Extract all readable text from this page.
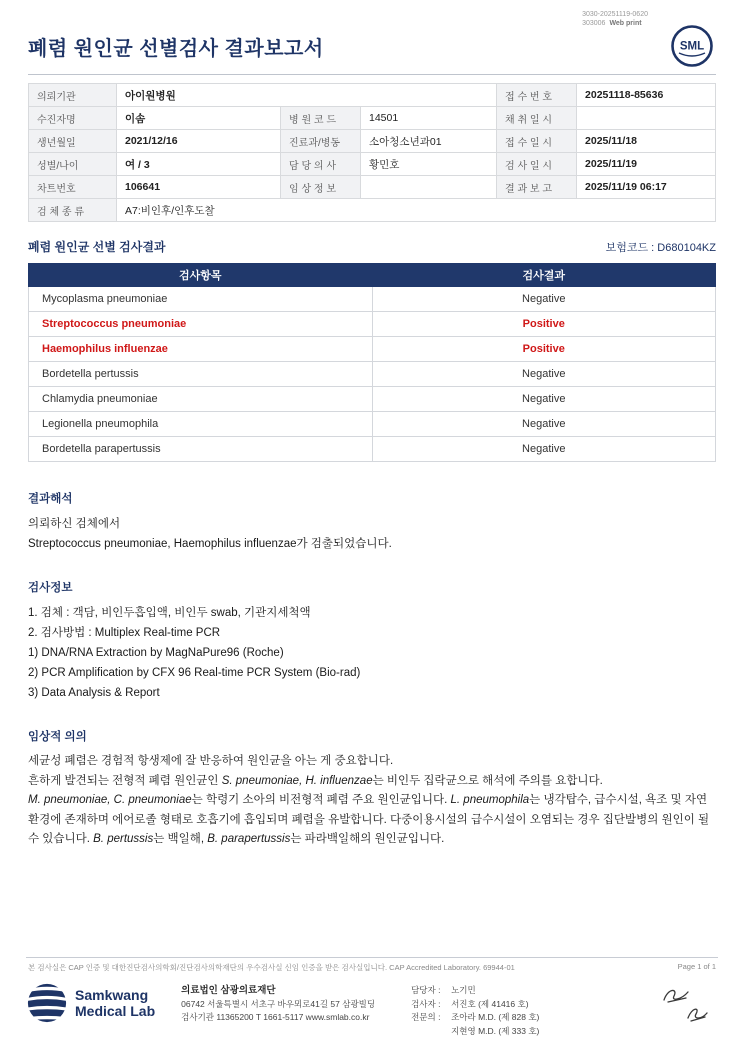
3030-20251119-0620
303006 Web print
SML
폐렴 원인균 선별검사 결과보고서
의뢰기관	아이원병원			접 수 번 호	20251118-85636
수진자명	이솜	병 원 코 드	14501	채 취 일 시	
생년월일	2021/12/16	진료과/병동	소아청소년과01	접 수 일 시	2025/11/18
성별/나이	여 / 3	담 당 의 사	황민호	검 사 일 시	2025/11/19
차트번호	106641	임 상 정 보		결 과 보 고	2025/11/19 06:17
검 체 종 류	A7:비인후/인후도찰				
폐렴 원인균 선별 검사결과	보험코드 : D680104KZ
검사항목	검사결과
Mycoplasma pneumoniae	Negative
Streptococcus pneumoniae	Positive
Haemophilus influenzae	Positive
Bordetella pertussis	Negative
Chlamydia pneumoniae	Negative
Legionella pneumophila	Negative
Bordetella parapertussis	Negative
결과해석
의뢰하신 검체에서
Streptococcus pneumoniae, Haemophilus influenzae가 검출되었습니다.
검사정보
1. 검체 : 객담, 비인두흡입액, 비인두 swab, 기관지세척액
2. 검사방법 : Multiplex Real-time PCR
1) DNA/RNA Extraction by MagNaPure96 (Roche)
2) PCR Amplification by CFX 96 Real-time PCR System (Bio-rad)
3) Data Analysis & Report
임상적 의의
세균성 폐렴은 경험적 항생제에 잘 반응하여 원인균을 아는 게 중요합니다.
흔하게 발견되는 전형적 폐렴 원인균인 S. pneumoniae, H. influenzae는 비인두 집락균으로 해석에 주의를 요합니다.
M. pneumoniae, C. pneumoniae는 학령기 소아의 비전형적 폐렴 주요 원인균입니다. L. pneumophila는 냉각탑수, 급수시설, 욕조 및 자연환경에 존재하며 에어로졸 형태로 호흡기에 흡입되며 폐렴을 유발합니다. 다중이용시설의 급수시설이 오염되는 경우 집단발병의 원인이 될 수 있습니다. B. pertussis는 백일해, B. parapertussis는 파라백일해의 원인균입니다.
본 검사실은 CAP 인증 및 대한진단검사의학회/진단검사의학재단의 우수검사실 신임 인증을 받은 검사실입니다. CAP Accredited Laboratory. 69944-01	Page 1 of 1
Samkwang
Medical Lab
의료법인 삼광의료재단
06742 서울특별시 서초구 바우뫼로41길 57 삼광빌딩
검사기관 11365200 T 1661-5117 www.smlab.co.kr
담당자 :	노기민
검사자 :	서진호 (제 41416 호)
전문의 :	조아라 M.D. (제 828 호)
지현영 M.D. (제 333 호)
